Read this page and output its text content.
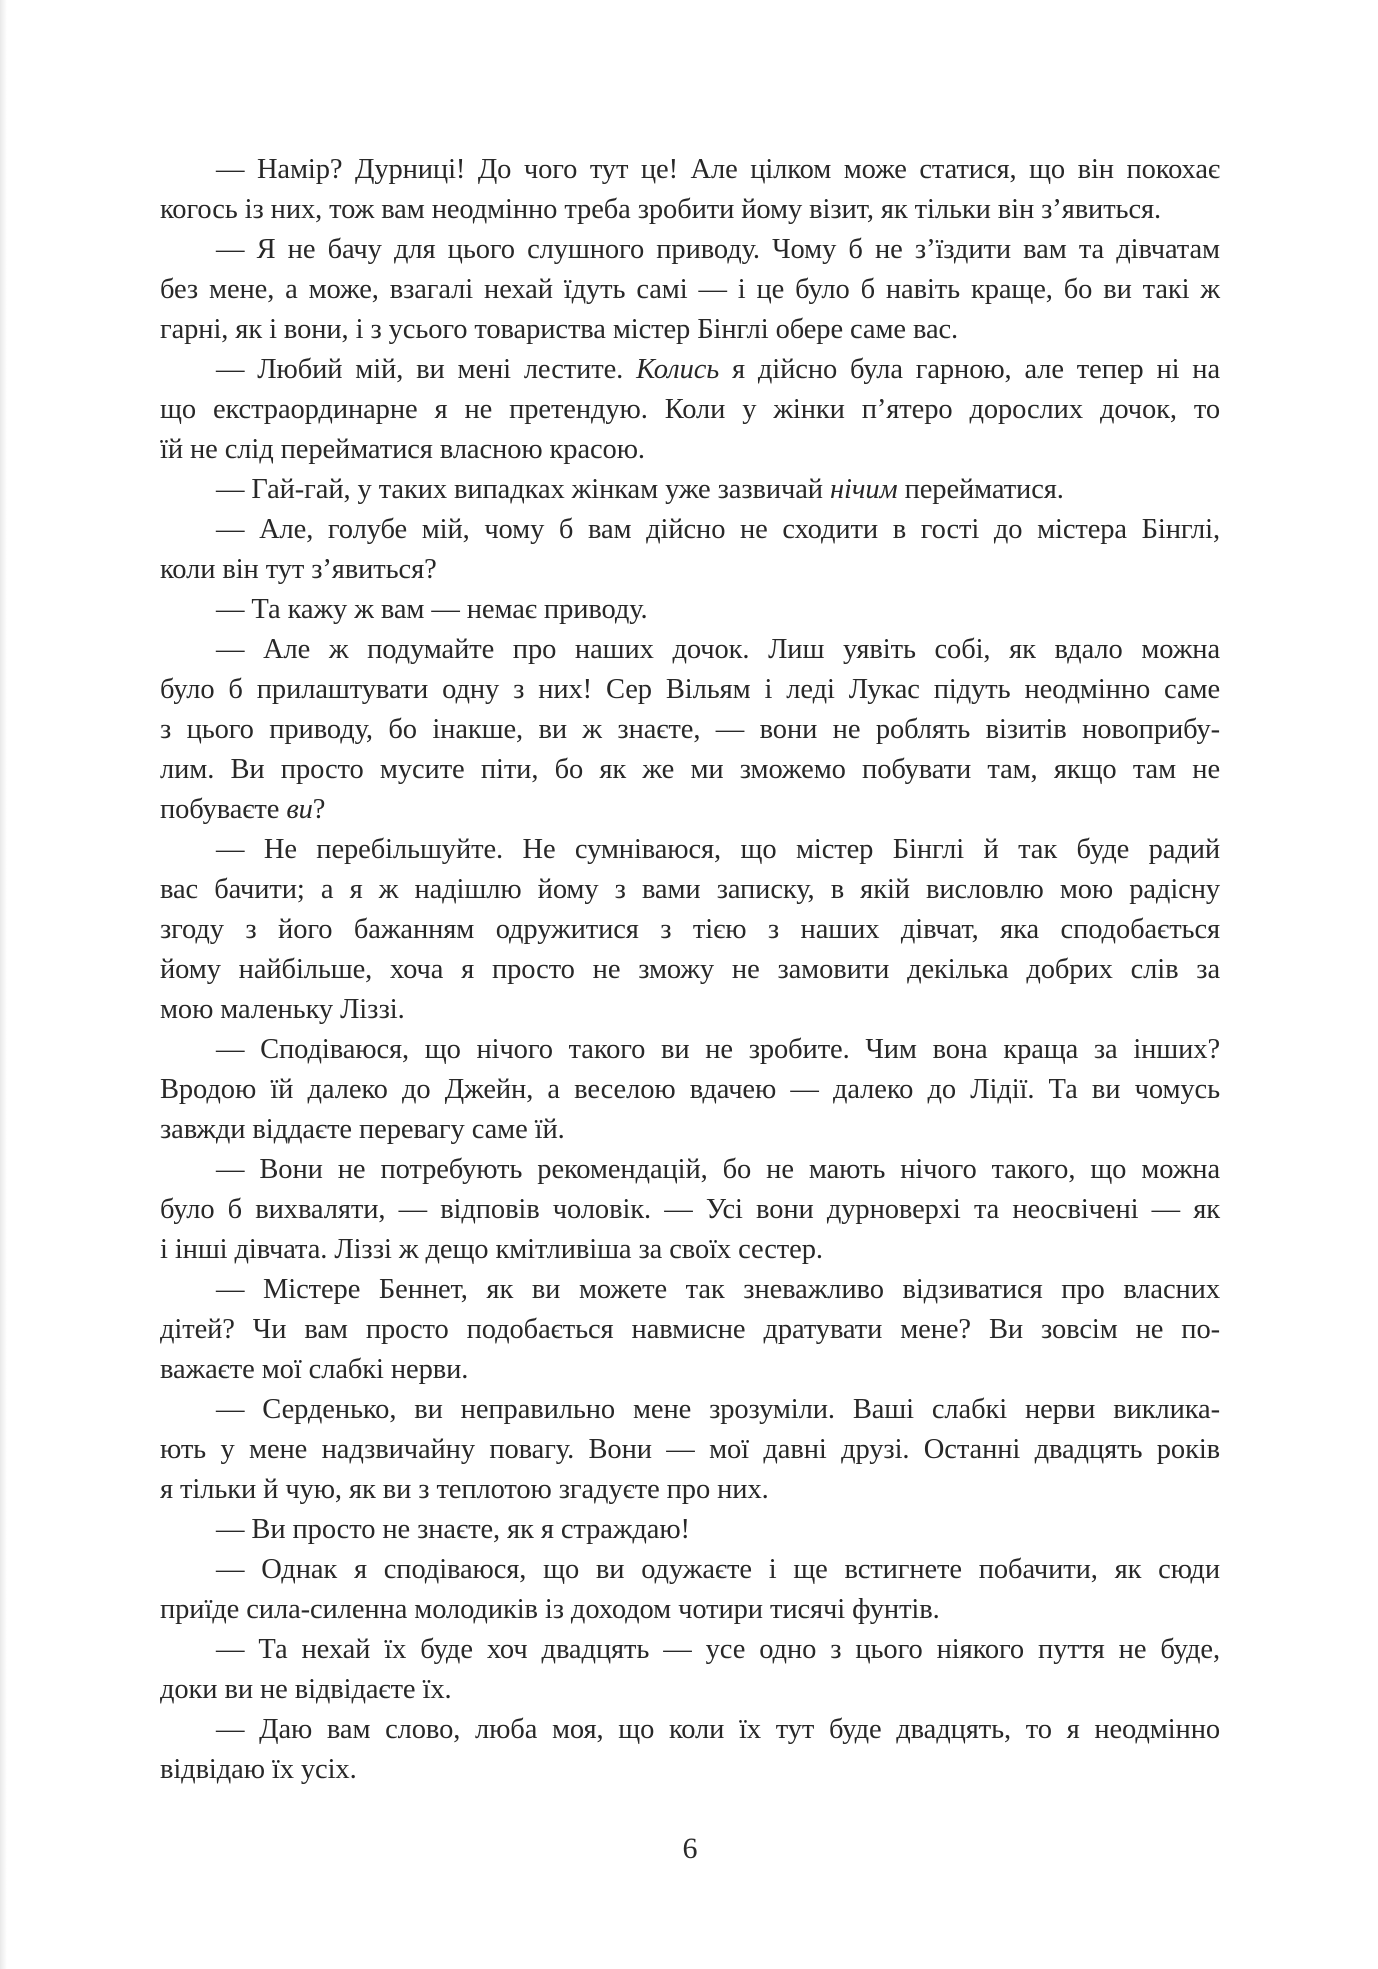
— Намір? Дурниці! До чого тут це! Але цілком може статися, що він покохає
когось із них, тож вам неодмінно треба зробити йому візит, як тільки він з’явиться.
— Я не бачу для цього слушного приводу. Чому б не з’їздити вам та дівчатам
без мене, а може, взагалі нехай їдуть самі — і це було б навіть краще, бо ви такі ж
гарні, як і вони, і з усього товариства містер Бінглі обере саме вас.
— Любий мій, ви мені лестите. Колись я дійсно була гарною, але тепер ні на
що екстраординарне я не претендую. Коли у жінки п’ятеро дорослих дочок, то
їй не слід перейматися власною красою.
— Гай-гай, у таких випадках жінкам уже зазвичай нічим перейматися.
— Але, голубе мій, чому б вам дійсно не сходити в гості до містера Бінглі,
коли він тут з’явиться?
— Та кажу ж вам — немає приводу.
— Але ж подумайте про наших дочок. Лиш уявіть собі, як вдало можна
було б прилаштувати одну з них! Сер Вільям і леді Лукас підуть неодмінно саме
з цього приводу, бо інакше, ви ж знаєте, — вони не роблять візитів новоприбу-
лим. Ви просто мусите піти, бо як же ми зможемо побувати там, якщо там не
побуваєте ви?
— Не перебільшуйте. Не сумніваюся, що містер Бінглі й так буде радий
вас бачити; а я ж надішлю йому з вами записку, в якій висловлю мою радісну
згоду з його бажанням одружитися з тією з наших дівчат, яка сподобається
йому найбільше, хоча я просто не зможу не замовити декілька добрих слів за
мою маленьку Ліззі.
— Сподіваюся, що нічого такого ви не зробите. Чим вона краща за інших?
Вродою їй далеко до Джейн, а веселою вдачею — далеко до Лідії. Та ви чомусь
завжди віддаєте перевагу саме їй.
— Вони не потребують рекомендацій, бо не мають нічого такого, що можна
було б вихваляти, — відповів чоловік. — Усі вони дурноверхі та неосвічені — як
і інші дівчата. Ліззі ж дещо кмітливіша за своїх сестер.
— Містере Беннет, як ви можете так зневажливо відзиватися про власних
дітей? Чи вам просто подобається навмисне дратувати мене? Ви зовсім не по-
важаєте мої слабкі нерви.
— Серденько, ви неправильно мене зрозуміли. Ваші слабкі нерви виклика-
ють у мене надзвичайну повагу. Вони — мої давні друзі. Останні двадцять років
я тільки й чую, як ви з теплотою згадуєте про них.
— Ви просто не знаєте, як я страждаю!
— Однак я сподіваюся, що ви одужаєте і ще встигнете побачити, як сюди
приїде сила-силенна молодиків із доходом чотири тисячі фунтів.
— Та нехай їх буде хоч двадцять — усе одно з цього ніякого пуття не буде,
доки ви не відвідаєте їх.
— Даю вам слово, люба моя, що коли їх тут буде двадцять, то я неодмінно
відвідаю їх усіх.
6
